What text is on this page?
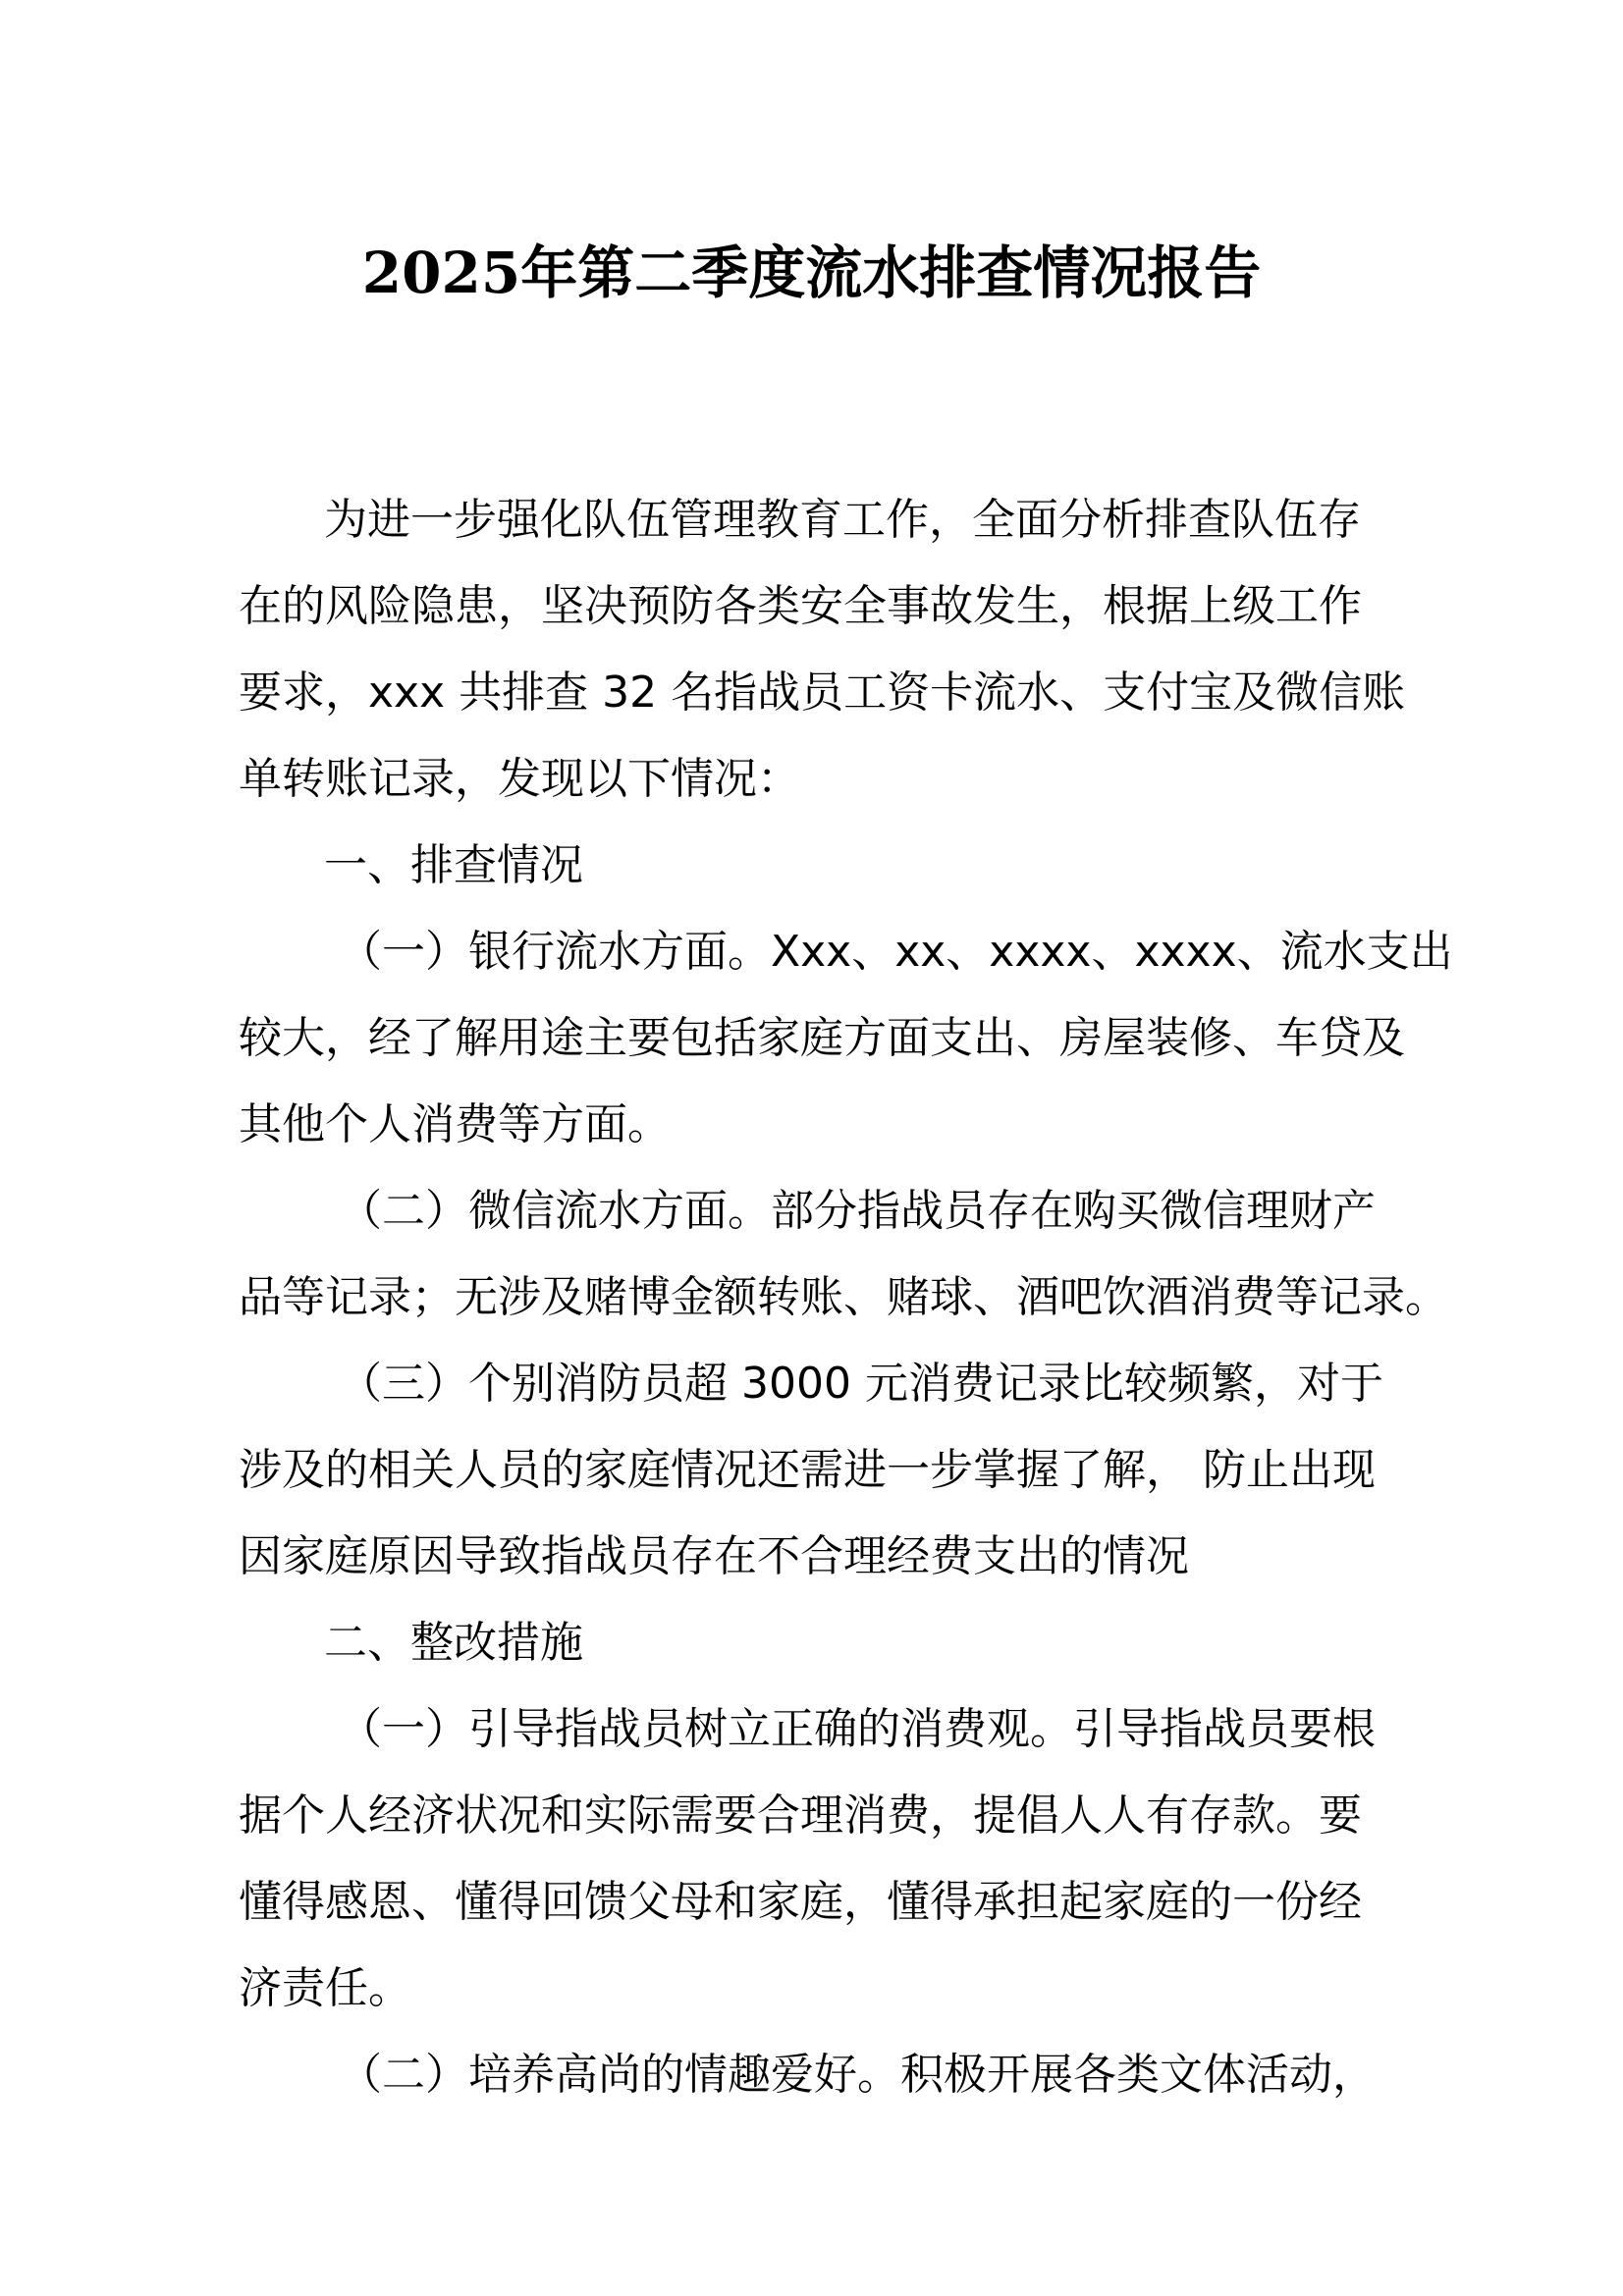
2025年第二季度流水排查情况报告
为进一步强化队伍管理教育工作，全面分析排查队伍存
在的风险隐患，坚决预防各类安全事故发生，根据上级工作
要求，xxx 共排查 32 名指战员工资卡流水、支付宝及微信账
单转账记录，发现以下情况：
一、排查情况
（一）银行流水方面。Xxx、xx、xxxx、xxxx、流水支出
较大，经了解用途主要包括家庭方面支出、房屋装修、车贷及
其他个人消费等方面。
（二）微信流水方面。部分指战员存在购买微信理财产
品等记录；无涉及赌博金额转账、赌球、酒吧饮酒消费等记录。
（三）个别消防员超 3000 元消费记录比较频繁，对于
涉及的相关人员的家庭情况还需进一步掌握了解， 防止出现
因家庭原因导致指战员存在不合理经费支出的情况
二、整改措施
（一）引导指战员树立正确的消费观。引导指战员要根
据个人经济状况和实际需要合理消费，提倡人人有存款。要
懂得感恩、懂得回馈父母和家庭，懂得承担起家庭的一份经
济责任。
（二）培养高尚的情趣爱好。积极开展各类文体活动，
